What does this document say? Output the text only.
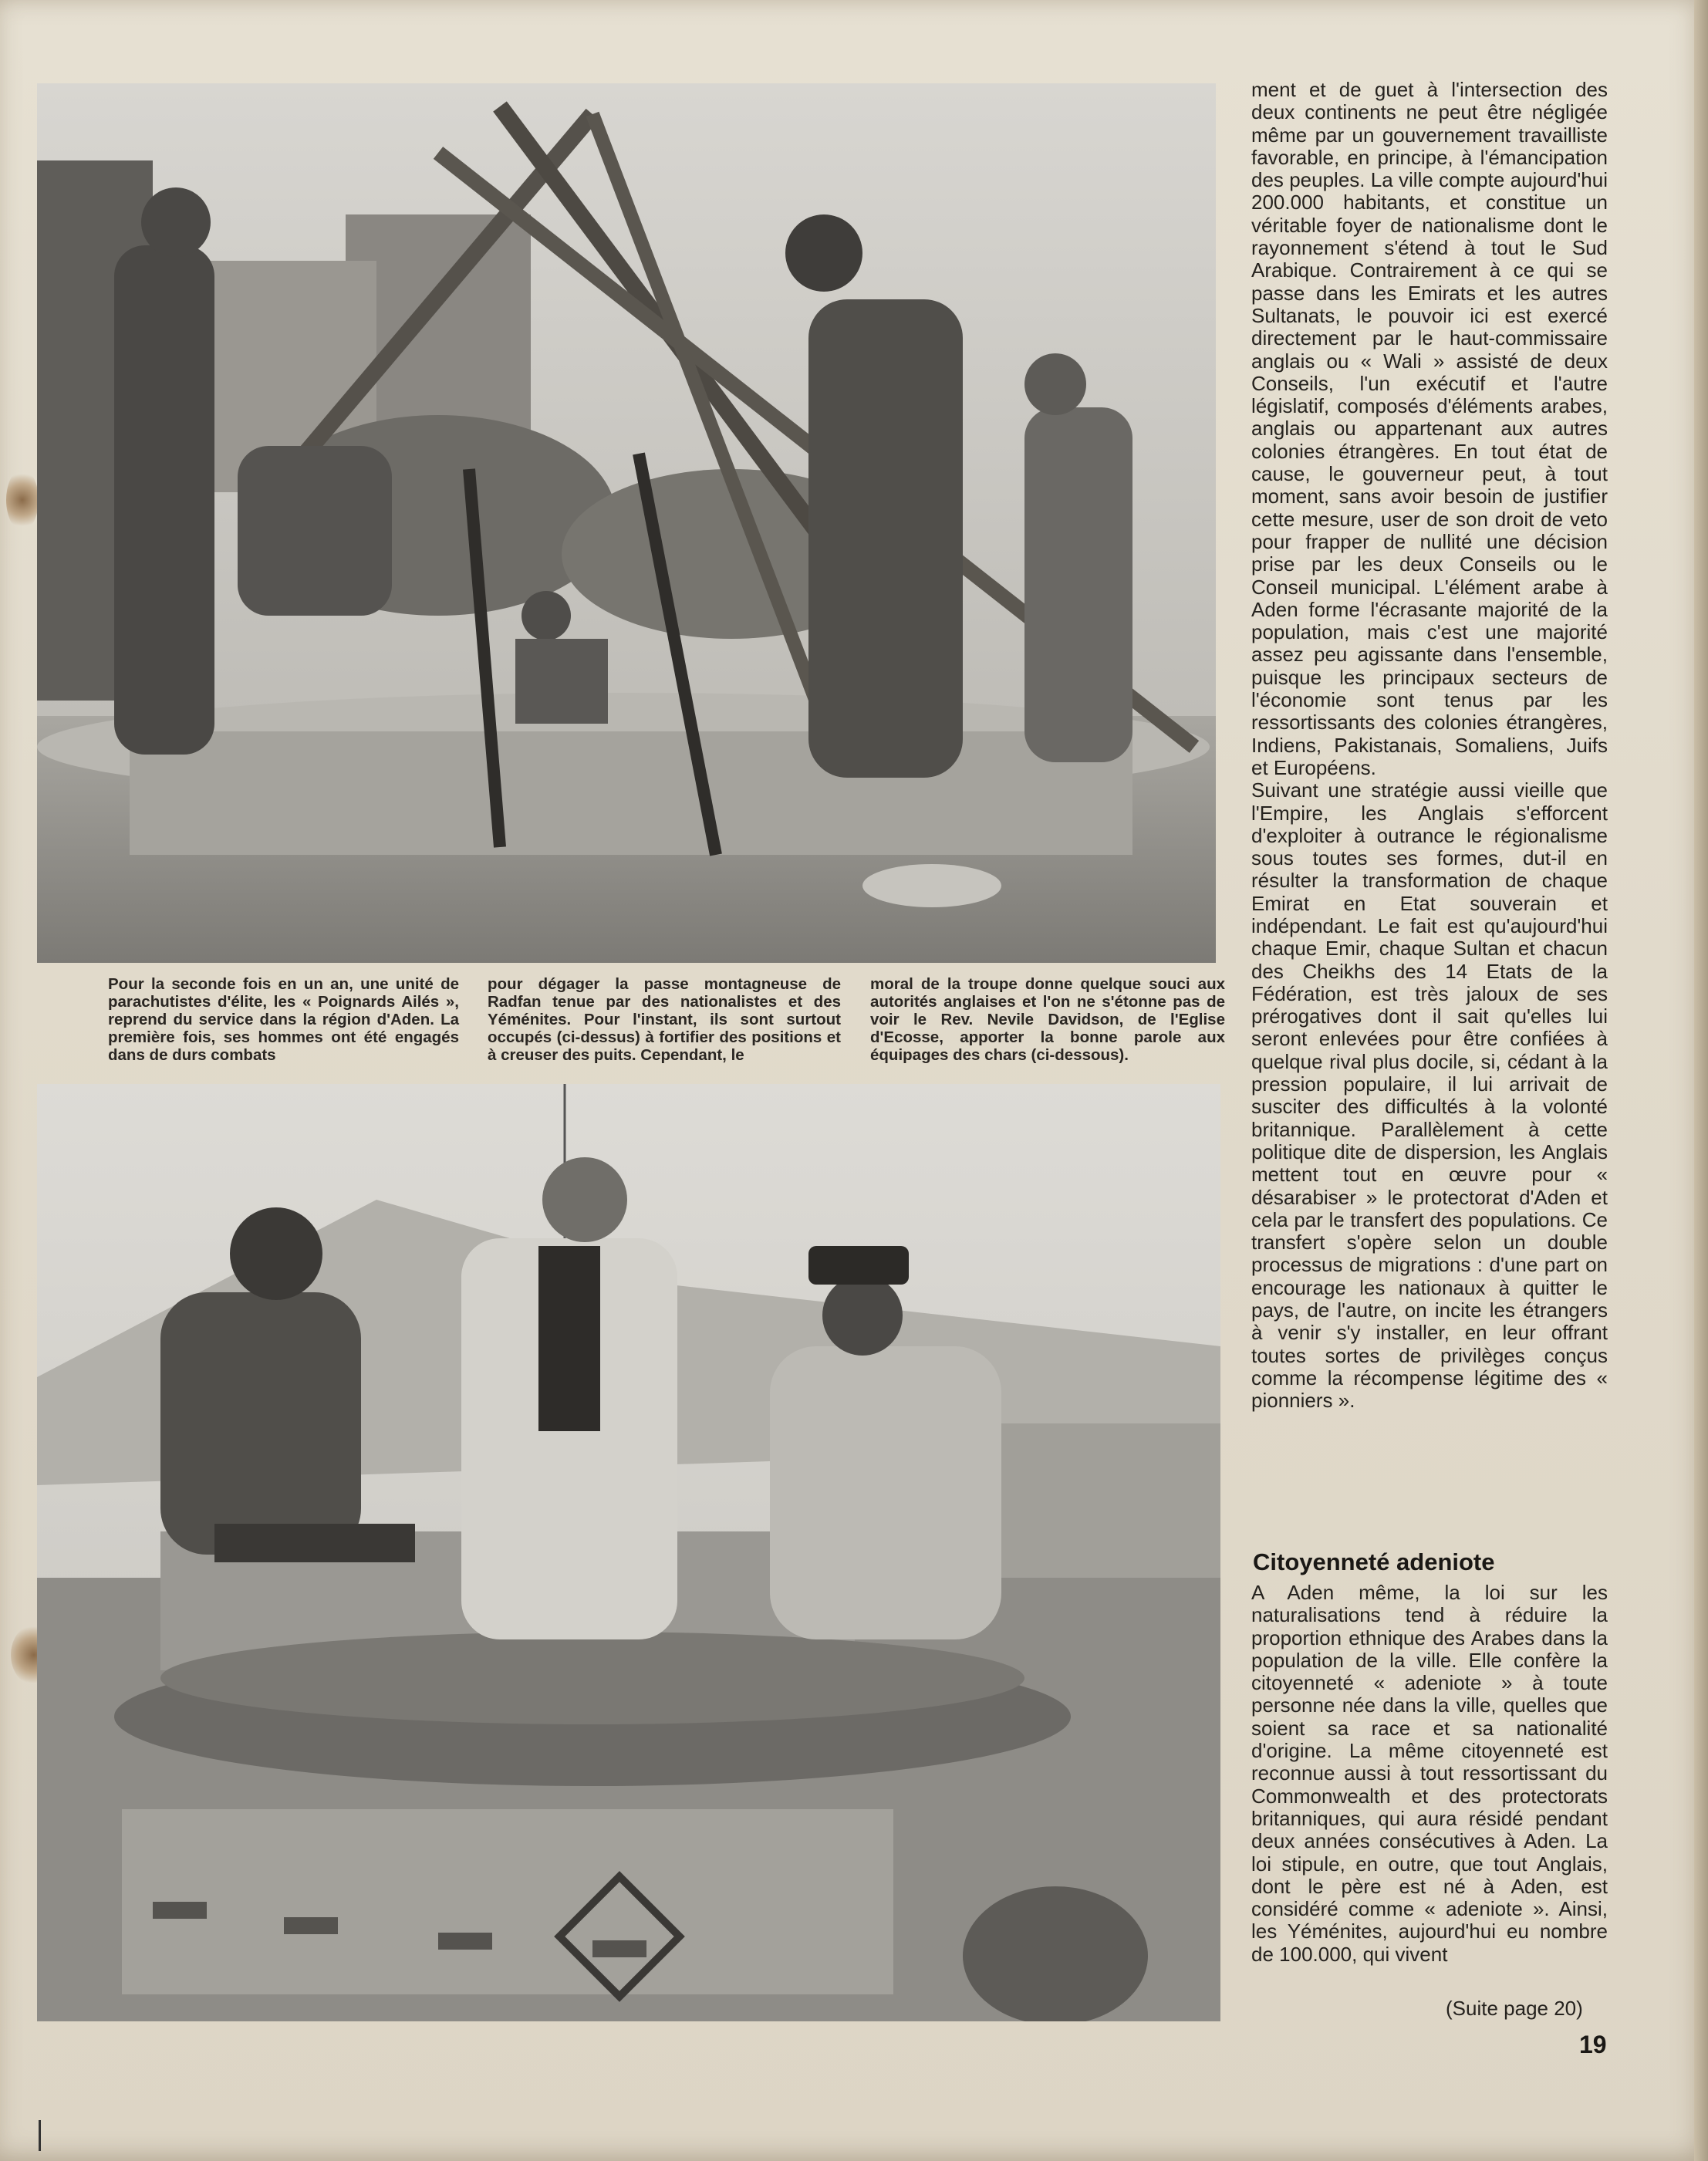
Pour la seconde fois en un an, une unité de parachutistes d'élite, les « Poignards Ailés », reprend du service dans la région d'Aden. La première fois, ses hommes ont été engagés dans de durs combats
pour dégager la passe montagneuse de Radfan tenue par des nationalistes et des Yéménites. Pour l'instant, ils sont surtout occupés (ci-dessus) à fortifier des positions et à creuser des puits. Cependant, le
moral de la troupe donne quelque souci aux autorités anglaises et l'on ne s'étonne pas de voir le Rev. Nevile Davidson, de l'Eglise d'Ecosse, apporter la bonne parole aux équipages des chars (ci-dessous).

ment et de guet à l'intersection des deux continents ne peut être négligée même par un gouvernement travailliste favorable, en principe, à l'émancipation des peuples. La ville compte aujourd'hui 200.000 habitants, et constitue un véritable foyer de nationalisme dont le rayonnement s'étend à tout le Sud Arabique. Contrairement à ce qui se passe dans les Emirats et les autres Sultanats, le pouvoir ici est exercé directement par le haut-commissaire anglais ou « Wali » assisté de deux Conseils, l'un exécutif et l'autre législatif, composés d'éléments arabes, anglais ou appartenant aux autres colonies étrangères. En tout état de cause, le gouverneur peut, à tout moment, sans avoir besoin de justifier cette mesure, user de son droit de veto pour frapper de nullité une décision prise par les deux Conseils ou le Conseil municipal. L'élément arabe à Aden forme l'écrasante majorité de la population, mais c'est une majorité assez peu agissante dans l'ensemble, puisque les principaux secteurs de l'économie sont tenus par les ressortissants des colonies étrangères, Indiens, Pakistanais, Somaliens, Juifs et Européens.

Suivant une stratégie aussi vieille que l'Empire, les Anglais s'efforcent d'exploiter à outrance le régionalisme sous toutes ses formes, dut-il en résulter la transformation de chaque Emirat en Etat souverain et indépendant. Le fait est qu'aujourd'hui chaque Emir, chaque Sultan et chacun des Cheikhs des 14 Etats de la Fédération, est très jaloux de ses prérogatives dont il sait qu'elles lui seront enlevées pour être confiées à quelque rival plus docile, si, cédant à la pression populaire, il lui arrivait de susciter des difficultés à la volonté britannique. Parallèlement à cette politique dite de dispersion, les Anglais mettent tout en œuvre pour « désarabiser » le protectorat d'Aden et cela par le transfert des populations. Ce transfert s'opère selon un double processus de migrations : d'une part on encourage les nationaux à quitter le pays, de l'autre, on incite les étrangers à venir s'y installer, en leur offrant toutes sortes de privilèges conçus comme la récompense légitime des « pionniers ».

Citoyenneté adeniote

A Aden même, la loi sur les naturalisations tend à réduire la proportion ethnique des Arabes dans la population de la ville. Elle confère la citoyenneté « adeniote » à toute personne née dans la ville, quelles que soient sa race et sa nationalité d'origine. La même citoyenneté est reconnue aussi à tout ressortissant du Commonwealth et des protectorats britanniques, qui aura résidé pendant deux années consécutives à Aden. La loi stipule, en outre, que tout Anglais, dont le père est né à Aden, est considéré comme « adeniote ». Ainsi, les Yéménites, aujourd'hui eu nombre de 100.000, qui vivent

(Suite page 20)
19
